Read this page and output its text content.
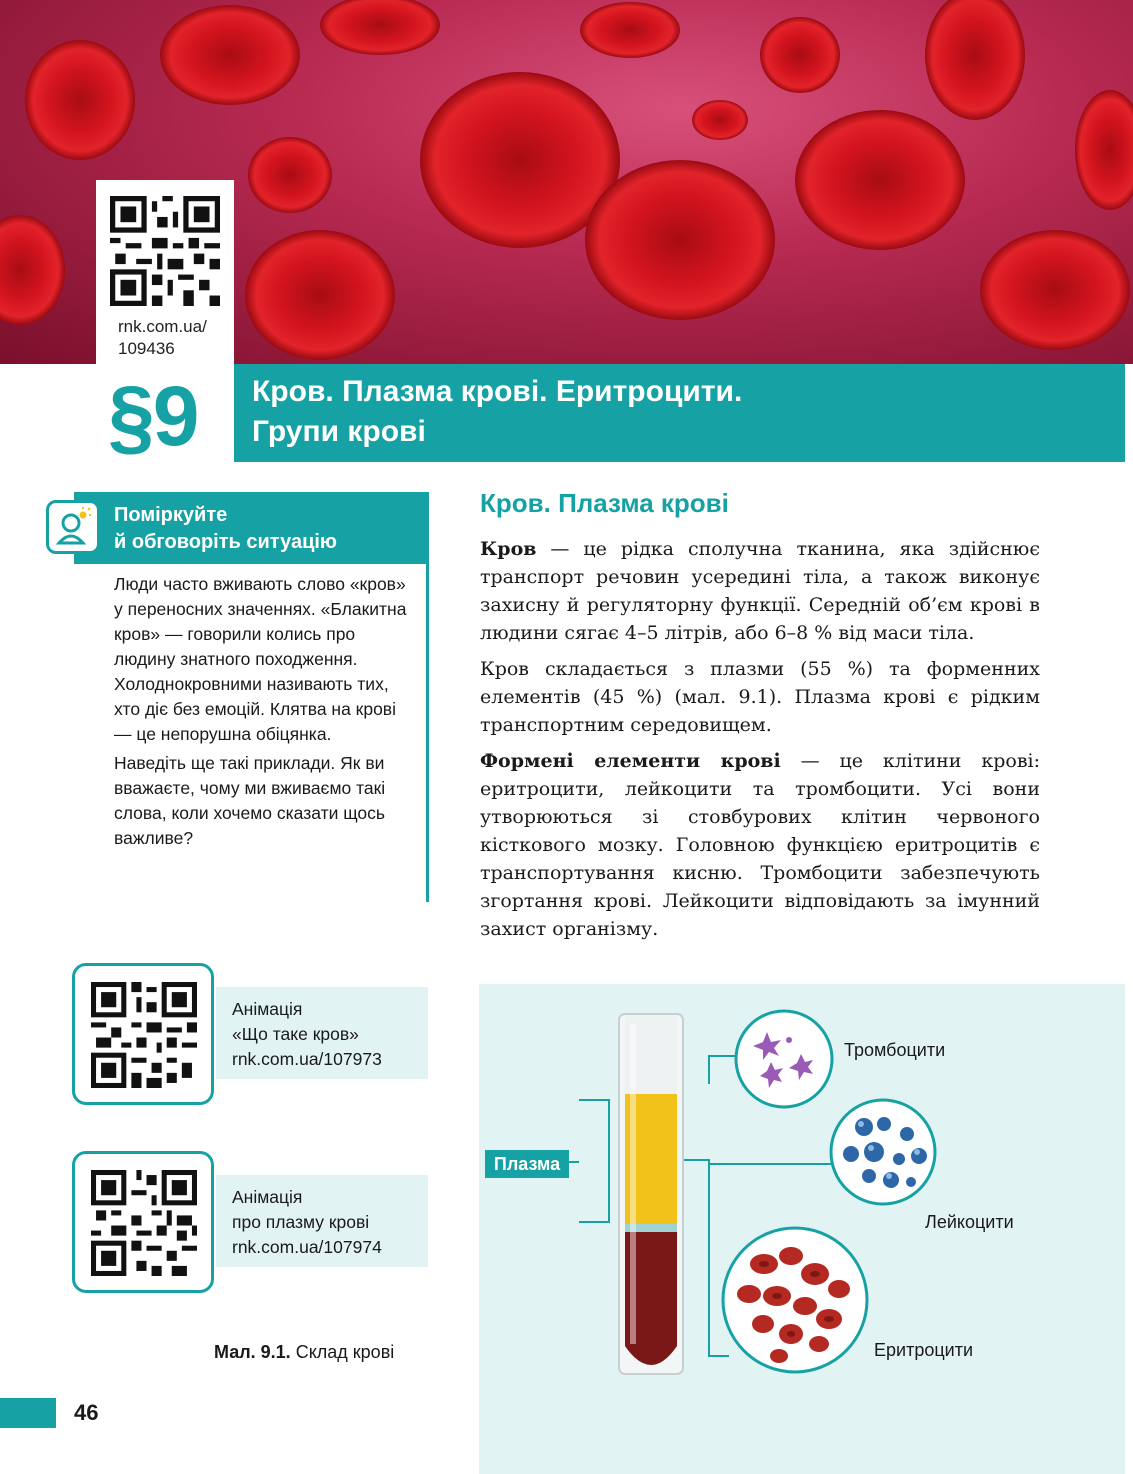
rnk.com.ua/
109436
§9 Кров. Плазма крові. Еритроцити.
Групи крові
Поміркуйте
й обговоріть ситуацію

Люди часто вживають слово «кров» у переносних значеннях. «Блакитна кров» — говорили колись про людину знатного походження. Холоднокровними називають тих, хто діє без емоцій. Клятва на крові — це непорушна обіцянка.

Наведіть ще такі приклади. Як ви вважаєте, чому ми вживаємо такі слова, коли хочемо сказати щось важливе?

Анімація
«Що таке кров»
rnk.com.ua/107973
Анімація
про плазму крові
rnk.com.ua/107974
Мал. 9.1. Склад крові
46
Кров. Плазма крові

Кров — це рідка сполучна тканина, яка здійснює транспорт речовин усередині тіла, а також виконує захисну й регуляторну функції. Середній об’єм крові в людини сягає 4–5 літрів, або 6–8 % від маси тіла.

Кров складається з плазми (55 %) та форменних елементів (45 %) (мал. 9.1). Плазма крові є рідким транспортним середовищем.

Формені елементи крові — це клітини крові: еритроцити, лейкоцити та тромбоцити. Усі вони утворюються зі стовбурових клітин червоного кісткового мозку. Головною функцією еритроцитів є транспортування кисню. Тромбоцити забезпечують згортання крові. Лейкоцити відповідають за імунний захист організму.

Плазма
Тромбоцити
Лейкоцити
Еритроцити
